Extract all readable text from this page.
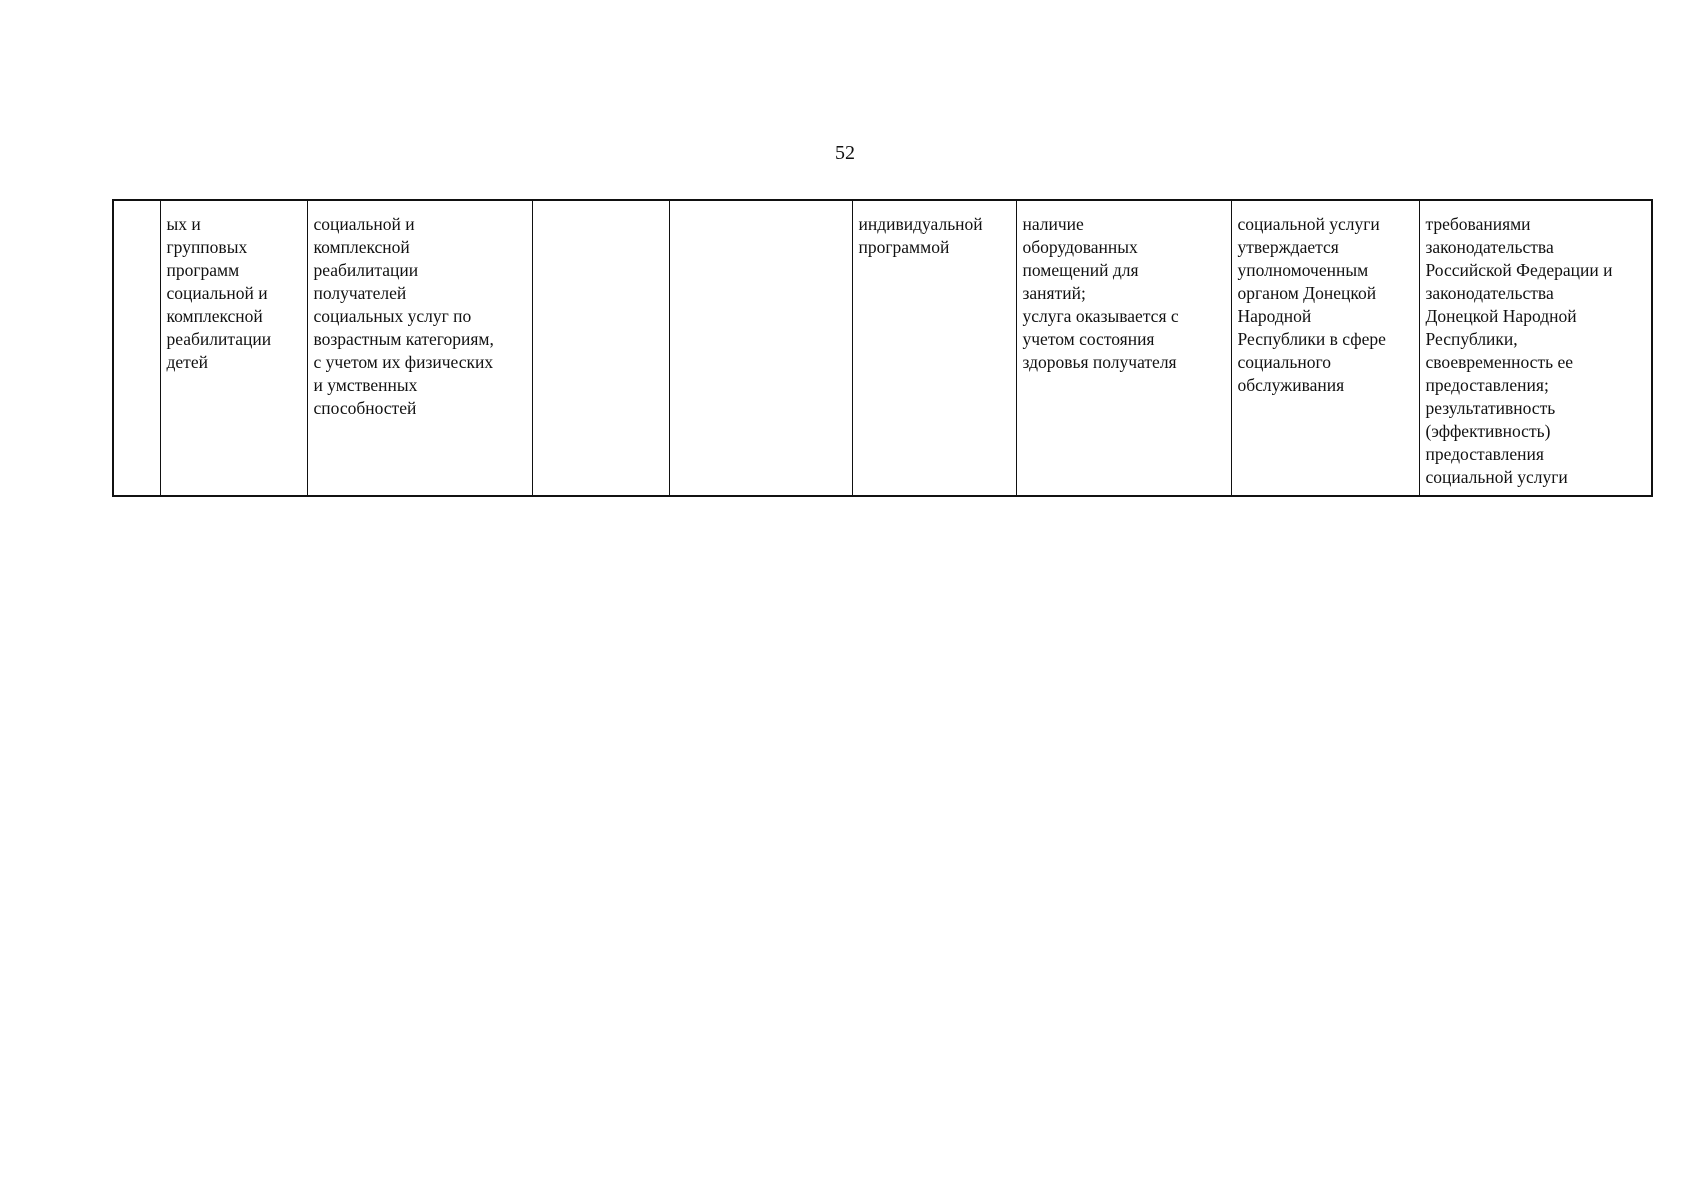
52
	ых и
групповых
программ
социальной и
комплексной
реабилитации
детей	социальной и
комплексной
реабилитации
получателей
социальных услуг по
возрастным категориям,
с учетом их физических
и умственных
способностей			индивидуальной
программой	наличие
оборудованных
помещений для
занятий;
услуга оказывается с
учетом состояния
здоровья получателя	социальной услуги
утверждается
уполномоченным
органом Донецкой
Народной
Республики в сфере
социального
обслуживания	требованиями
законодательства
Российской Федерации и
законодательства
Донецкой Народной
Республики,
своевременность ее
предоставления;
результативность
(эффективность)
предоставления
социальной услуги
